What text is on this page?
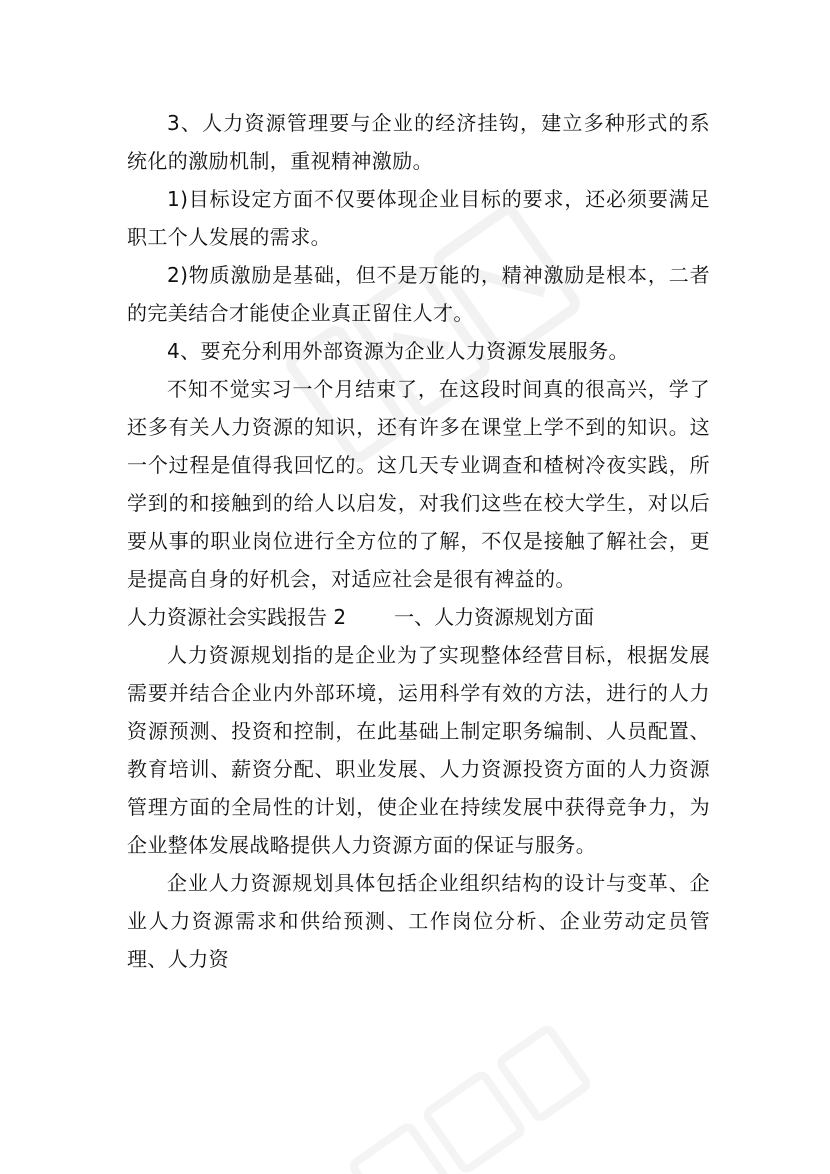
3、人力资源管理要与企业的经济挂钩，建立多种形式的系统化的激励机制，重视精神激励。

1)目标设定方面不仅要体现企业目标的要求，还必须要满足职工个人发展的需求。

2)物质激励是基础，但不是万能的，精神激励是根本，二者的完美结合才能使企业真正留住人才。

4、要充分利用外部资源为企业人力资源发展服务。

不知不觉实习一个月结束了，在这段时间真的很高兴，学了还多有关人力资源的知识，还有许多在课堂上学不到的知识。这一个过程是值得我回忆的。这几天专业调查和楂树冷夜实践，所学到的和接触到的给人以启发，对我们这些在校大学生，对以后要从事的职业岗位进行全方位的了解，不仅是接触了解社会，更是提高自身的好机会，对适应社会是很有裨益的。

人力资源社会实践报告 2 一、人力资源规划方面

人力资源规划指的是企业为了实现整体经营目标，根据发展需要并结合企业内外部环境，运用科学有效的方法，进行的人力资源预测、投资和控制，在此基础上制定职务编制、人员配置、教育培训、薪资分配、职业发展、人力资源投资方面的人力资源管理方面的全局性的计划，使企业在持续发展中获得竞争力，为企业整体发展战略提供人力资源方面的保证与服务。

企业人力资源规划具体包括企业组织结构的设计与变革、企业人力资源需求和供给预测、工作岗位分析、企业劳动定员管理、人力资
